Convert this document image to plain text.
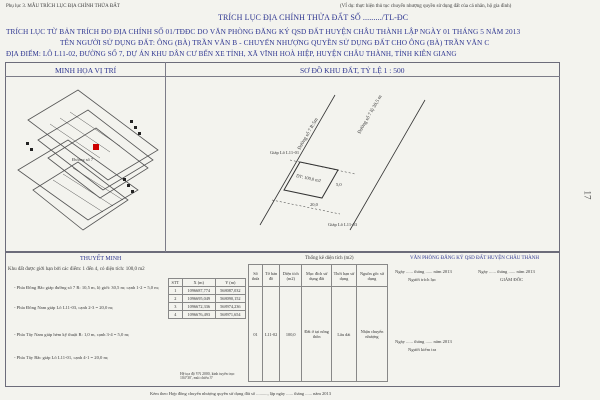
Phụ lục 3. MẪU TRÍCH LỤC ĐỊA CHÍNH THỬA ĐẤT	(VÍ dụ: thực hiện thủ tục chuyển nhượng quyền sử dụng đất của cá nhân, hộ gia đình)
TRÍCH LỤC ĐỊA CHÍNH THỬA ĐẤT SỐ ........./TL-ĐC
TRÍCH LỤC TỪ BẢN TRÍCH ĐO ĐỊA CHÍNH SỐ 01/TĐĐC DO VĂN PHÒNG ĐĂNG KÝ QSD ĐẤT HUYỆN CHÂU THÀNH LẬP NGÀY 01 THÁNG 5 NĂM 2013
TÊN NGƯỜI SỬ DỤNG ĐẤT: ÔNG (BÀ) TRẦN VĂN B - CHUYỂN NHƯỢNG QUYỀN SỬ DỤNG ĐẤT CHO ÔNG (BÀ) TRẦN VĂN C
ĐỊA ĐIỂM: LÔ L11-02, ĐƯỜNG SỐ 7, DỰ ÁN KHU DÂN CƯ BẾN XE TỈNH, XÃ VĨNH HOÀ HIỆP, HUYỆN CHÂU THÀNH, TỈNH KIÊN GIANG
MINH HỌA VỊ TRÍ	SƠ ĐỒ KHU ĐẤT, TỶ LỆ 1 : 500
Đường số 7
Đường số 7 lộ 30,5 m
Đường số 7 R:5m
DT: 100,0 m2
20,0
5,0
Giáp Lô L11-01
Giáp Lô L11-03
THUYẾT MINH
Khu đất được giới hạn bởi các điểm: 1 đến 4, có diện tích: 100,0 m2
- Phía Đông Bắc giáp đường số 7 R: 10,5 m, lộ giới: 30,5 m; cạnh 1-2 = 5,0 m;
- Phía Đông Nam giáp Lô L11-03, cạnh 2-3 = 20,0 m;
- Phía Tây Nam giáp hẻm kỹ thuật R: 1,0 m, cạnh 3-4 = 5,0 m;
- Phía Tây Bắc giáp Lô L11-01, cạnh 4-1 = 20,0 m;
STT	X (m)	Y (m)
1	1096687,774	568087,032
2	1096695,049	568090,152
3	1096672,336	568974,236
4	1096676,493	568971,654
Hệ tọa độ VN 2000, kinh tuyến trục 104°30', múi chiếu 3°
Thống kê diện tích (m2)
Số thửa	Tờ bản đồ	Diện tích (m2)	Mục đích sử dụng đất	Thời hạn sử dụng	Nguồn gốc sử dụng
01	L11-02	100,0	Đất ở tại nông thôn	Lâu dài	Nhận chuyển nhượng
VĂN PHÒNG ĐĂNG KÝ QSD ĐẤT HUYỆN CHÂU THÀNH
Ngày ...... tháng ...... năm 2013
Người trích lục
Ngày ...... tháng ...... năm 2013
Người kiểm tra
Ngày ...... tháng ...... năm 2013
GIÁM ĐỐC
Kèm theo Hợp đồng chuyển nhượng quyền sử dụng đất số .........., lập ngày ...... tháng ...... năm 2013
17
